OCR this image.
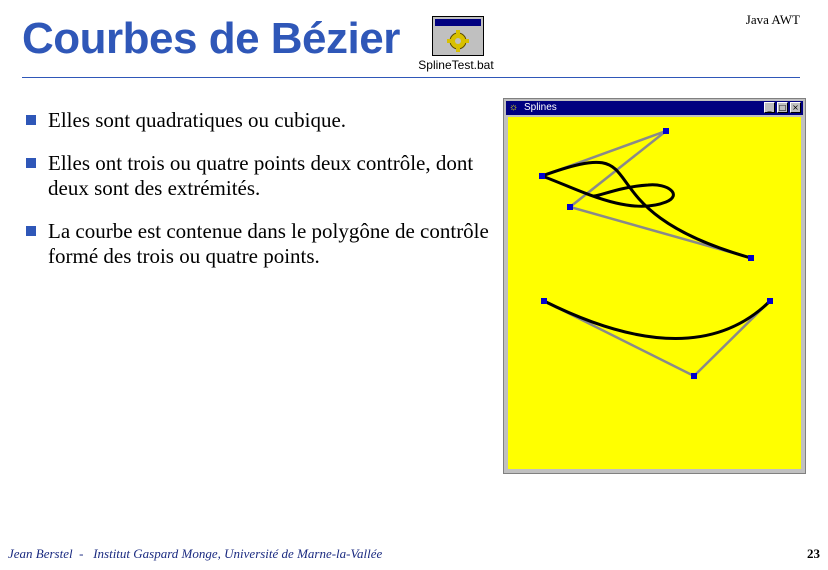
Courbes de Bézier	Java AWT
SplineTest.bat
Elles sont quadratiques ou cubique.
Elles ont trois ou quatre points deux contrôle, dont deux sont des extrémités.
La courbe est contenue dans le polygône de contrôle formé des trois ou quatre points.
☼ Splines	_ □ ×
Jean Berstel  -   Institut Gaspard Monge, Université de Marne-la-Vallée	23
